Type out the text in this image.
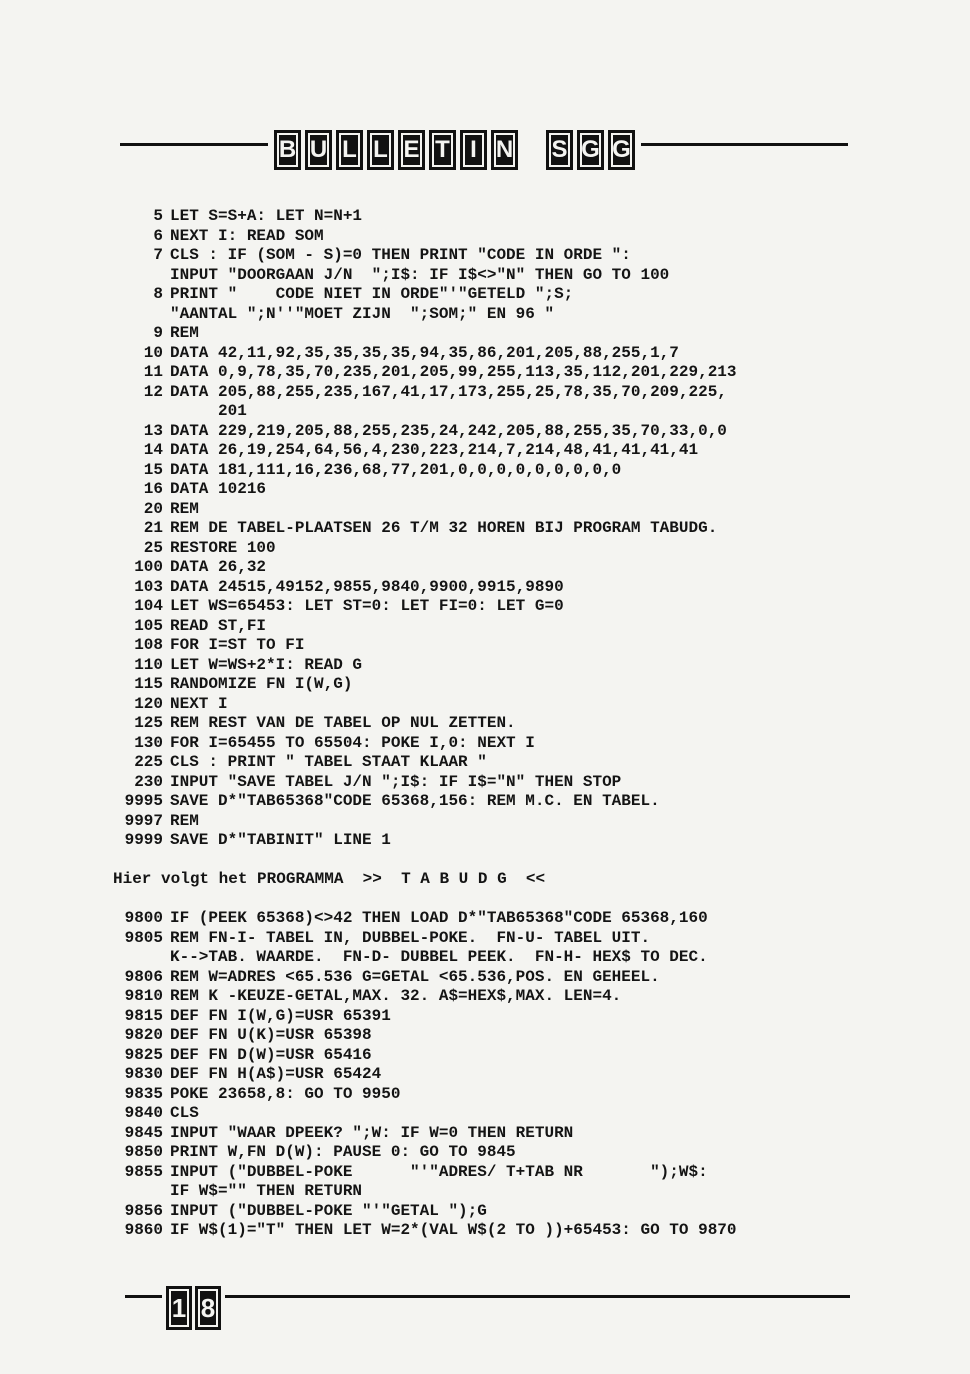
B U L L E T I N S G G
5 LET S=S+A: LET N=N+1
6 NEXT I: READ SOM
7 CLS : IF (SOM - S)=0 THEN PRINT "CODE IN ORDE ":
INPUT "DOORGAAN J/N  ";I$: IF I$<>"N" THEN GO TO 100
8 PRINT "    CODE NIET IN ORDE"'"GETELD ";S;
"AANTAL ";N''"MOET ZIJN  ";SOM;" EN 96 "
9 REM
10 DATA 42,11,92,35,35,35,35,94,35,86,201,205,88,255,1,7
11 DATA 0,9,78,35,70,235,201,205,99,255,113,35,112,201,229,213
12 DATA 205,88,255,235,167,41,17,173,255,25,78,35,70,209,225,
201
13 DATA 229,219,205,88,255,235,24,242,205,88,255,35,70,33,0,0
14 DATA 26,19,254,64,56,4,230,223,214,7,214,48,41,41,41,41
15 DATA 181,111,16,236,68,77,201,0,0,0,0,0,0,0,0,0
16 DATA 10216
20 REM
21 REM DE TABEL-PLAATSEN 26 T/M 32 HOREN BIJ PROGRAM TABUDG.
25 RESTORE 100
100 DATA 26,32
103 DATA 24515,49152,9855,9840,9900,9915,9890
104 LET WS=65453: LET ST=0: LET FI=0: LET G=0
105 READ ST,FI
108 FOR I=ST TO FI
110 LET W=WS+2*I: READ G
115 RANDOMIZE FN I(W,G)
120 NEXT I
125 REM REST VAN DE TABEL OP NUL ZETTEN.
130 FOR I=65455 TO 65504: POKE I,0: NEXT I
225 CLS : PRINT " TABEL STAAT KLAAR "
230 INPUT "SAVE TABEL J/N ";I$: IF I$="N" THEN STOP
9995 SAVE D*"TAB65368"CODE 65368,156: REM M.C. EN TABEL.
9997 REM
9999 SAVE D*"TABINIT" LINE 1
Hier volgt het PROGRAMMA >>  T A B U D G  <<
9800 IF (PEEK 65368)<>42 THEN LOAD D*"TAB65368"CODE 65368,160
9805 REM FN-I- TABEL IN, DUBBEL-POKE.  FN-U- TABEL UIT.
K-->TAB. WAARDE.  FN-D- DUBBEL PEEK.  FN-H- HEX$ TO DEC.
9806 REM W=ADRES <65.536 G=GETAL <65.536,POS. EN GEHEEL.
9810 REM K -KEUZE-GETAL,MAX. 32. A$=HEX$,MAX. LEN=4.
9815 DEF FN I(W,G)=USR 65391
9820 DEF FN U(K)=USR 65398
9825 DEF FN D(W)=USR 65416
9830 DEF FN H(A$)=USR 65424
9835 POKE 23658,8: GO TO 9950
9840 CLS
9845 INPUT "WAAR DPEEK? ";W: IF W=0 THEN RETURN
9850 PRINT W,FN D(W): PAUSE 0: GO TO 9845
9855 INPUT ("DUBBEL-POKE      "'"ADRES/ T+TAB NR       ");W$:
IF W$="" THEN RETURN
9856 INPUT ("DUBBEL-POKE "'"GETAL ");G
9860 IF W$(1)="T" THEN LET W=2*(VAL W$(2 TO ))+65453: GO TO 9870
1 8
